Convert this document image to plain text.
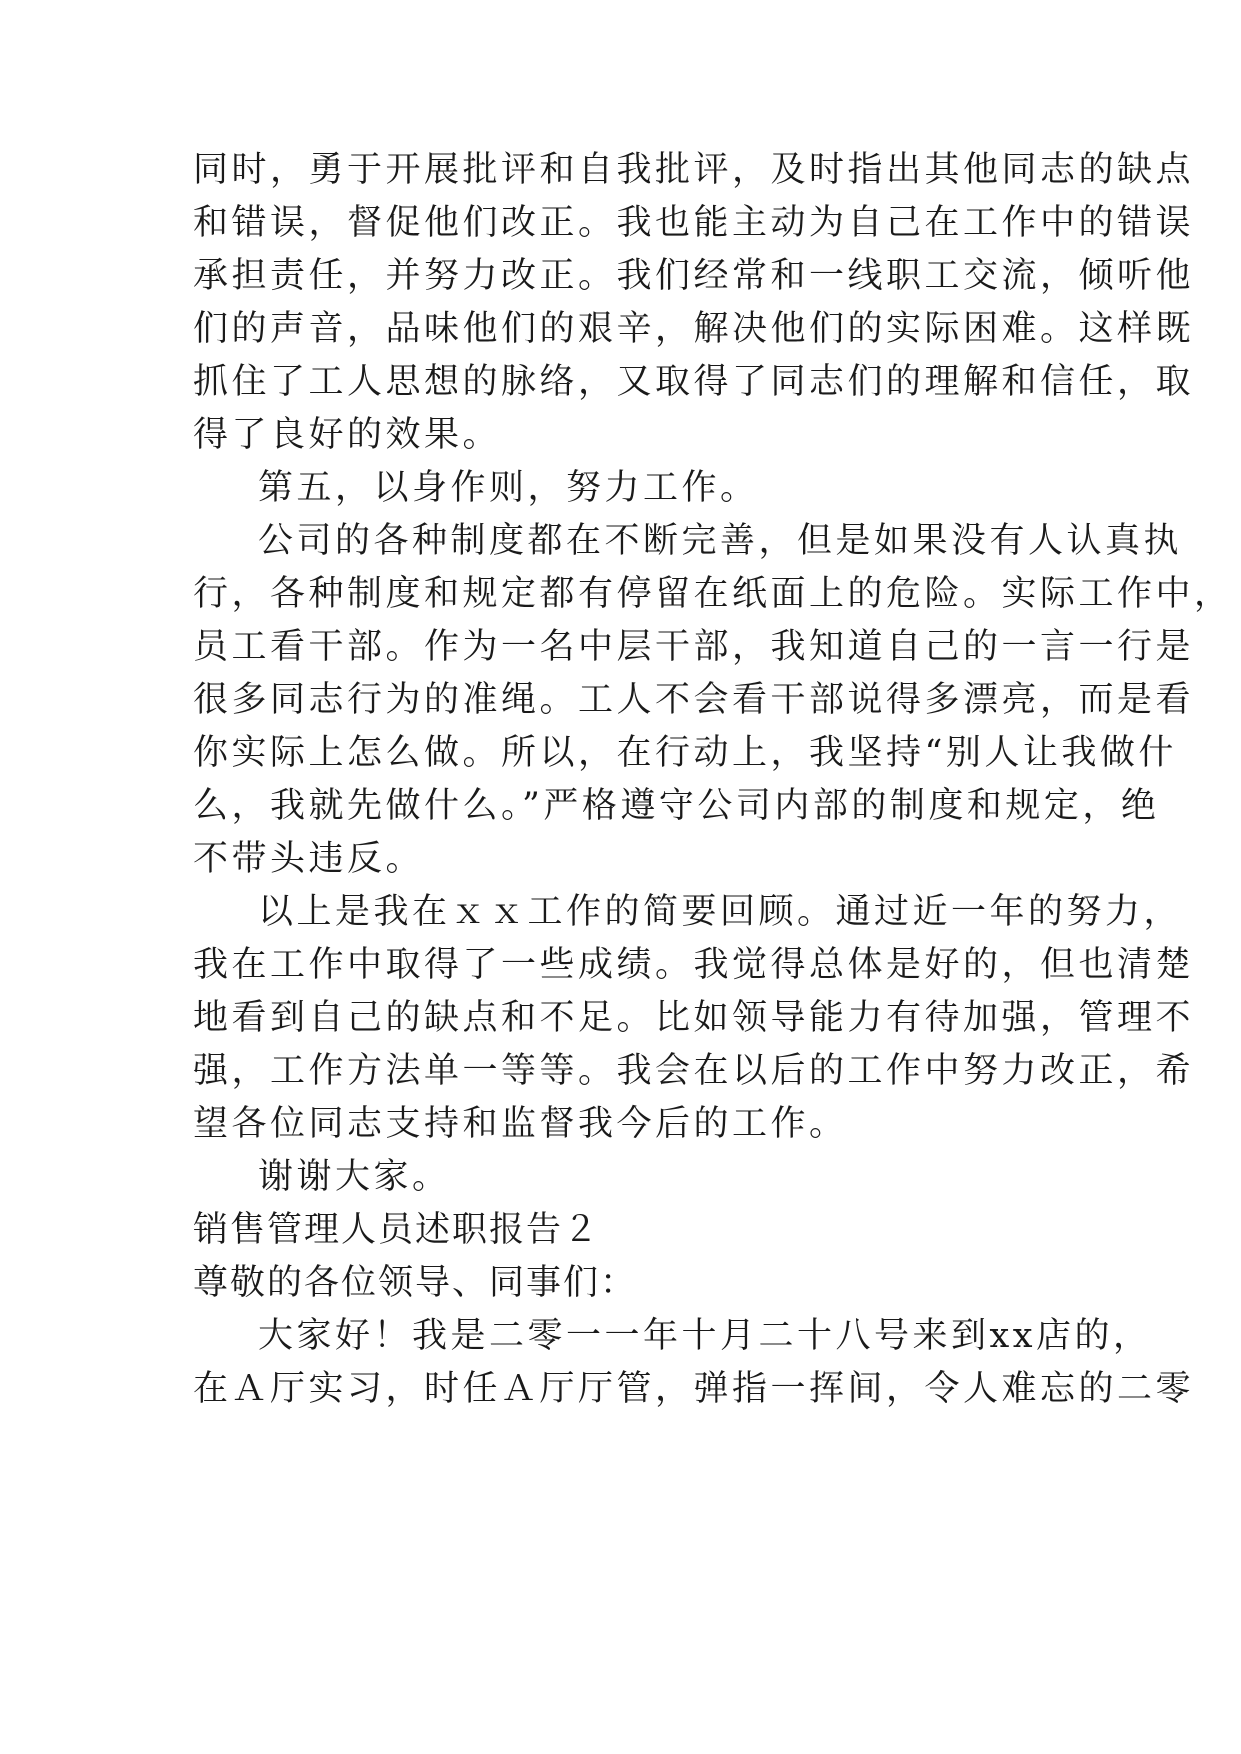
同时，勇于开展批评和自我批评，及时指出其他同志的缺点
和错误，督促他们改正。我也能主动为自己在工作中的错误
承担责任，并努力改正。我们经常和一线职工交流，倾听他
们的声音，品味他们的艰辛，解决他们的实际困难。这样既
抓住了工人思想的脉络，又取得了同志们的理解和信任，取
得了良好的效果。
第五，以身作则，努力工作。
公司的各种制度都在不断完善，但是如果没有人认真执
行，各种制度和规定都有停留在纸面上的危险。实际工作中，
员工看干部。作为一名中层干部，我知道自己的一言一行是
很多同志行为的准绳。工人不会看干部说得多漂亮，而是看
你实际上怎么做。所以，在行动上，我坚持“别人让我做什
么，我就先做什么。”严格遵守公司内部的制度和规定，绝
不带头违反。
以上是我在ｘｘ工作的简要回顾。通过近一年的努力，
我在工作中取得了一些成绩。我觉得总体是好的，但也清楚
地看到自己的缺点和不足。比如领导能力有待加强，管理不
强，工作方法单一等等。我会在以后的工作中努力改正，希
望各位同志支持和监督我今后的工作。
谢谢大家。
销售管理人员述职报告２
尊敬的各位领导、同事们：
大家好！我是二零一一年十月二十八号来到xx店的，
在Ａ厅实习，时任Ａ厅厅管，弹指一挥间，令人难忘的二零
